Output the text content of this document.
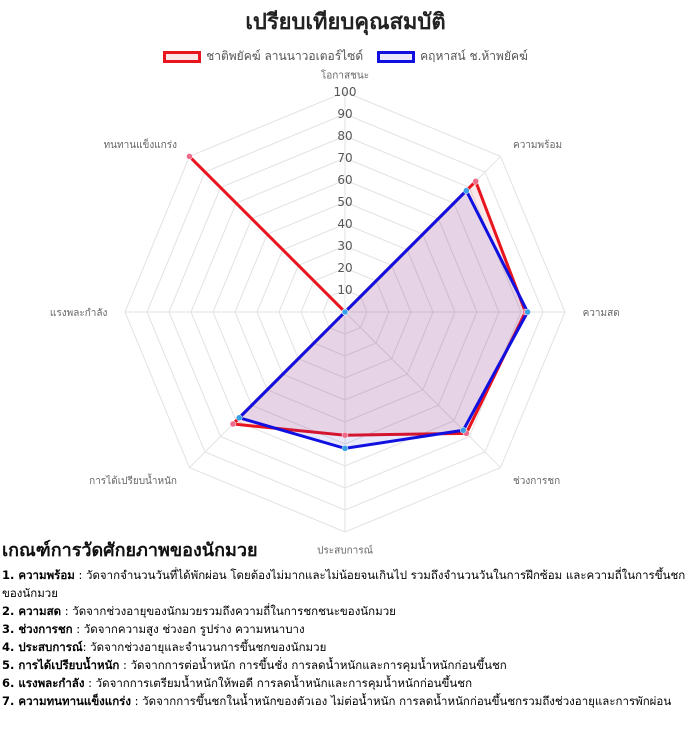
เปรียบเทียบคุณสมบัติ
ชาติพยัคฆ์ ลานนาวอเตอร์ไซด์	คฤหาสน์ ช.ห้าพยัคฆ์
10
20
30
40
50
60
70
80
90
100
โอกาสชนะ
ความพร้อม
ความสด
ช่วงการชก
ประสบการณ์
การได้เปรียบน้ำหนัก
แรงพละกำลัง
ทนทานแข็งแกร่ง
เกณฑ์การวัดศักยภาพของนักมวย
1. ความพร้อม : วัดจากจำนวนวันที่ได้พักผ่อน โดยต้องไม่มากและไม่น้อยจนเกินไป รวมถึงจำนวนวันในการฝึกซ้อม และความถี่ในการขึ้นชกของนักมวย
2. ความสด : วัดจากช่วงอายุของนักมวยรวมถึงความถี่ในการชกชนะของนักมวย
3. ช่วงการชก : วัดจากความสูง ช่วงอก รูปร่าง ความหนาบาง
4. ประสบการณ์: วัดจากช่วงอายุและจำนวนการขึ้นชกของนักมวย
5. การได้เปรียบน้ำหนัก : วัดจากการต่อน้ำหนัก การขึ้นชั่ง การลดน้ำหนักและการคุมน้ำหนักก่อนขึ้นชก
6. แรงพละกำลัง : วัดจากการเตรียมน้ำหนักให้พอดี การลดน้ำหนักและการคุมน้ำหนักก่อนขึ้นชก
7. ความทนทานแข็งแกร่ง : วัดจากการขึ้นชกในน้ำหนักของตัวเอง ไม่ต่อน้ำหนัก การลดน้ำหนักก่อนขึ้นชกรวมถึงช่วงอายุและการพักผ่อน
